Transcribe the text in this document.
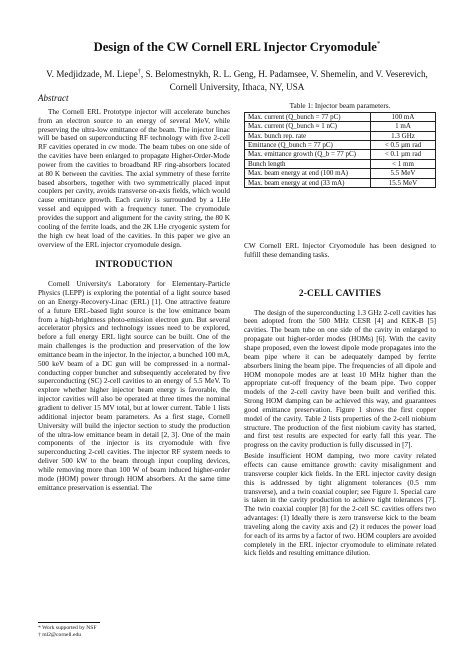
Design of the CW Cornell ERL Injector Cryomodule*
V. Medjidzade, M. Liepe†, S. Belomestnykh, R. L. Geng, H. Padamsee, V. Shemelin, and V. Veserevich,
Cornell University, Ithaca, NY, USA
Abstract

The Cornell ERL Prototype injector will accelerate bunches from an electron source to an energy of several MeV, while preserving the ultra-low emittance of the beam. The injector linac will be based on superconducting RF technology with five 2-cell RF cavities operated in cw mode. The beam tubes on one side of the cavities have been enlarged to propagate Higher-Order-Mode power from the cavities to broadband RF ring-absorbers located at 80 K between the cavities. The axial symmetry of these ferrite based absorbers, together with two symmetrically placed input couplers per cavity, avoids transverse on-axis fields, which would cause emittance growth. Each cavity is surrounded by a LHe vessel and equipped with a frequency tuner. The cryomodule provides the support and alignment for the cavity string, the 80 K cooling of the ferrite loads, and the 2K LHe cryogenic system for the high cw heat load of the cavities. In this paper we give an overview of the ERL injector cryomodule design.

INTRODUCTION

Cornell University's Laboratory for Elementary-Particle Physics (LEPP) is exploring the potential of a light source based on an Energy-Recovery-Linac (ERL) [1]. One attractive feature of a future ERL-based light source is the low emittance beam from a high-brightness photo-emission electron gun. But several accelerator physics and technology issues need to be explored, before a full energy ERL light source can be built. One of the main challenges is the production and preservation of the low emittance beam in the injector. In the injector, a bunched 100 mA, 500 keV beam of a DC gun will be compressed in a normal-conducting copper buncher and subsequently accelerated by five superconducting (SC) 2-cell cavities to an energy of 5.5 MeV. To explore whether higher injector beam energy is favorable, the injector cavities will also be operated at three times the nominal gradient to deliver 15 MV total, but at lower current. Table 1 lists additional injector beam parameters. As a first stage, Cornell University will build the injector section to study the production of the ultra-low emittance beam in detail [2, 3]. One of the main components of the injector is its cryomodule with five superconducting 2-cell cavities. The injector RF system needs to deliver 500 kW to the beam through input coupling devices, while removing more than 100 W of beam induced higher-order mode (HOM) power through HOM absorbers. At the same time emittance preservation is essential. The

* Work supported by NSF
† ml2@cornell.edu
Table 1: Injector beam parameters.
Max. current (Q_bunch = 77 pC)	100 mA
Max. current (Q_bunch ≈ 1 nC)	1 mA
Max. bunch rep. rate	1.3 GHz
Emittance (Q_bunch = 77 pC)	< 0.5 µm rad
Max. emittance growth (Q_b = 77 pC)	< 0.1 µm rad
Bunch length	< 1 mm
Max. beam energy at end (100 mA)	5.5 MeV
Max. beam energy at end (33 mA)	15.5 MeV

CW Cornell ERL Injector Cryomodule has been designed to fulfill these demanding tasks.

2-CELL CAVITIES

The design of the superconducting 1.3 GHz 2-cell cavities has been adopted from the 500 MHz CESR [4] and KEK-B [5] cavities. The beam tube on one side of the cavity in enlarged to propagate out higher-order modes (HOMs) [6]. With the cavity shape proposed, even the lowest dipole mode propagates into the beam pipe where it can be adequately damped by ferrite absorbers lining the beam pipe. The frequencies of all dipole and HOM monopole modes are at least 10 MHz higher than the appropriate cut-off frequency of the beam pipe. Two copper models of the 2-cell cavity have been built and verified this. Strong HOM damping can be achieved this way, and guarantees good emittance preservation. Figure 1 shows the first copper model of the cavity. Table 2 lists properties of the 2-cell niobium structure. The production of the first niobium cavity has started, and first test results are expected for early fall this year. The progress on the cavity production is fully discussed in [7].

Beside insufficient HOM damping, two more cavity related effects can cause emittance growth: cavity misalignment and transverse coupler kick fields. In the ERL injector cavity design this is addressed by tight alignment tolerances (0.5 mm transverse), and a twin coaxial coupler; see Figure 1. Special care is taken in the cavity production to achieve tight tolerances [7]. The twin coaxial coupler [8] for the 2-cell SC cavities offers two advantages: (1) Ideally there is zero transverse kick to the beam traveling along the cavity axis and (2) it reduces the power load for each of its arms by a factor of two. HOM couplers are avoided completely in the ERL injector cryomodule to eliminate related kick fields and resulting emittance dilution.
